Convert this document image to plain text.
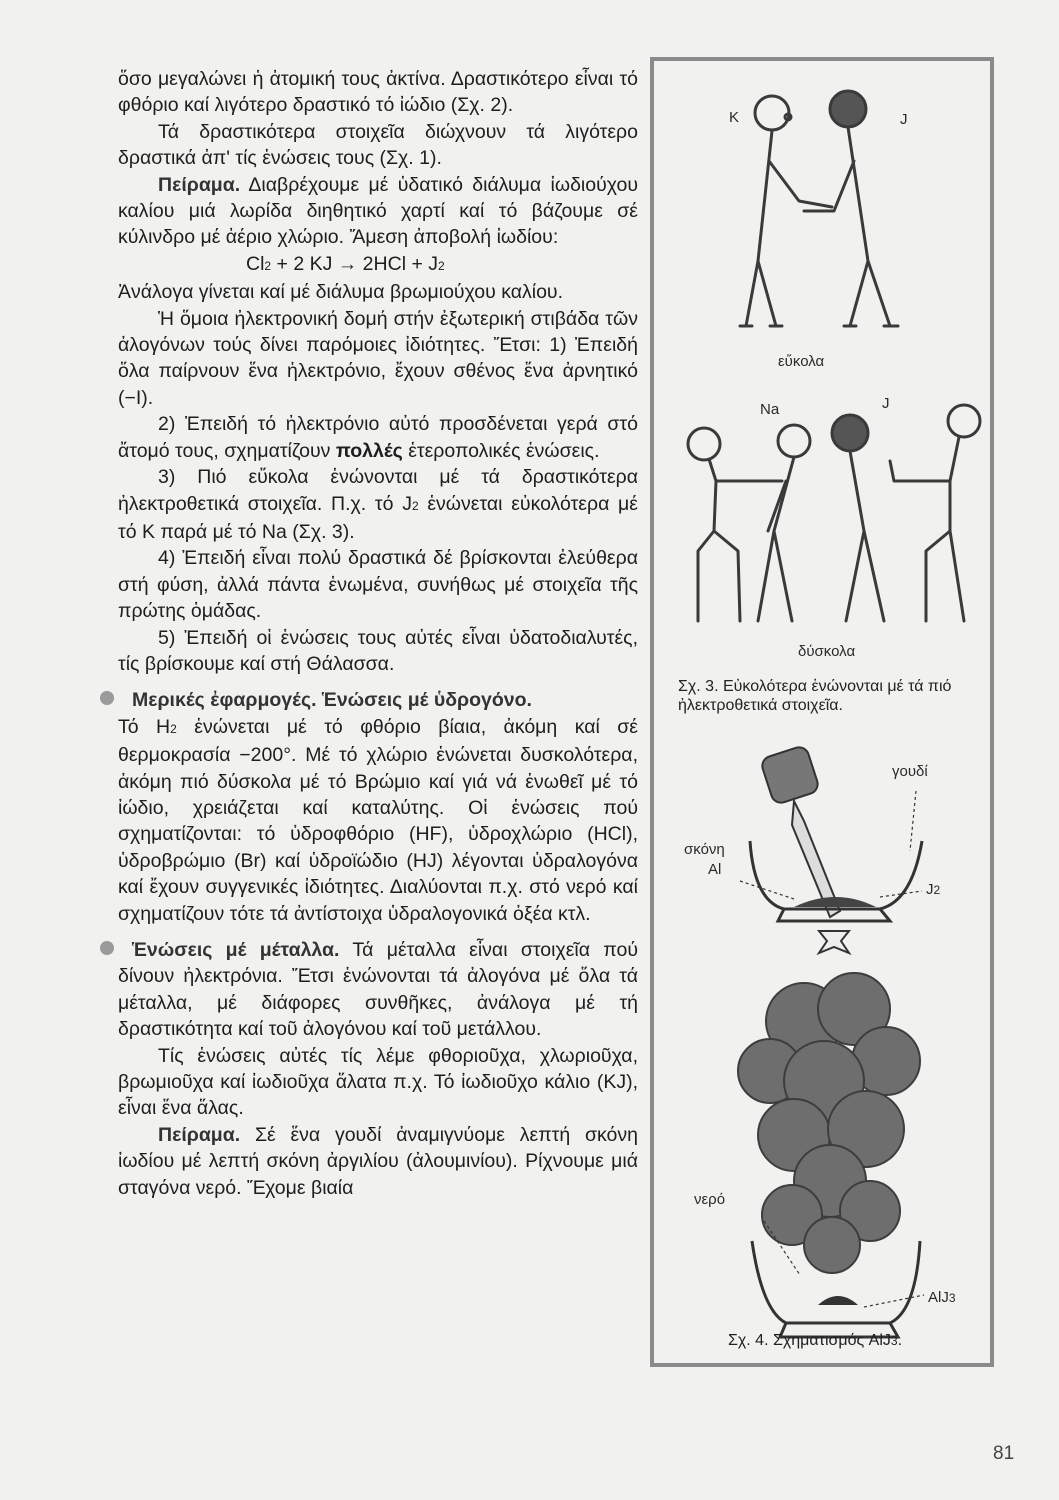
ὅσο μεγαλώνει ἡ ἀτομική τους ἀκτίνα. Δραστικότερο εἶναι τό φθόριο καί λιγότερο δραστικό τό ἰώδιο (Σχ. 2).

Τά δραστικότερα στοιχεῖα διώχνουν τά λιγότερο δραστικά ἀπ' τίς ἑνώσεις τους (Σχ. 1).

Πείραμα. Διαβρέχουμε μέ ὑδατικό διάλυμα ἰωδιούχου καλίου μιά λωρίδα διηθητικό χαρτί καί τό βάζουμε σέ κύλινδρο μέ ἀέριο χλώριο. Ἄμεση ἀποβολή ἰωδίου:

Cl2 + 2 KJ → 2HCl + J2

Ἀνάλογα γίνεται καί μέ διάλυμα βρωμιούχου καλίου.

Ἡ ὅμοια ἠλεκτρονική δομή στήν ἐξωτερική στιβάδα τῶν ἀλογόνων τούς δίνει παρόμοιες ἰδιότητες. Ἔτσι: 1) Ἐπειδή ὅλα παίρνουν ἕνα ἠλεκτρόνιο, ἔχουν σθένος ἕνα ἀρνητικό (−I).

2) Ἐπειδή τό ἠλεκτρόνιο αὐτό προσδένεται γερά στό ἄτομό τους, σχηματίζουν πολλές ἑτεροπολικές ἑνώσεις.

3) Πιό εὔκολα ἑνώνονται μέ τά δραστικότερα ἠλεκτροθετικά στοιχεῖα. Π.χ. τό J2 ἑνώνεται εὐκολότερα μέ τό K παρά μέ τό Na (Σχ. 3).

4) Ἐπειδή εἶναι πολύ δραστικά δέ βρίσκονται ἐλεύθερα στή φύση, ἀλλά πάντα ἑνωμένα, συνήθως μέ στοιχεῖα τῆς πρώτης ὁμάδας.

5) Ἐπειδή οἱ ἑνώσεις τους αὐτές εἶναι ὑδατοδιαλυτές, τίς βρίσκουμε καί στή Θάλασσα.

Μερικές ἐφαρμογές. Ἑνώσεις μέ ὑδρογόνο.

Τό H2 ἑνώνεται μέ τό φθόριο βίαια, ἀκόμη καί σέ θερμοκρασία −200°. Μέ τό χλώριο ἑνώνεται δυσκολότερα, ἀκόμη πιό δύσκολα μέ τό Βρώμιο καί γιά νά ἑνωθεῖ μέ τό ἰώδιο, χρειάζεται καί καταλύτης. Οἱ ἑνώσεις πού σχηματίζονται: τό ὑδροφθόριο (HF), ὑδροχλώριο (HCl), ὑδροβρώμιο (Br) καί ὑδροϊώδιο (HJ) λέγονται ὑδραλογόνα καί ἔχουν συγγενικές ἰδιότητες. Διαλύονται π.χ. στό νερό καί σχηματίζουν τότε τά ἀντίστοιχα ὑδραλογονικά ὀξέα κτλ.

Ἑνώσεις μέ μέταλλα. Τά μέταλλα εἶναι στοιχεῖα πού δίνουν ἠλεκτρόνια. Ἔτσι ἑνώνονται τά ἀλογόνα μέ ὅλα τά μέταλλα, μέ διάφορες συνθῆκες, ἀνάλογα μέ τή δραστικότητα καί τοῦ ἀλογόνου καί τοῦ μετάλλου.

Τίς ἑνώσεις αὐτές τίς λέμε φθοριοῦχα, χλωριοῦχα, βρωμιοῦχα καί ἰωδιοῦχα ἅλατα π.χ. Τό ἰωδιοῦχο κάλιο (KJ), εἶναι ἕνα ἅλας.

Πείραμα. Σέ ἕνα γουδί ἀναμιγνύομε λεπτή σκόνη ἰωδίου μέ λεπτή σκόνη ἀργιλίου (ἀλουμινίου). Ρίχνουμε μιά σταγόνα νερό. Ἔχομε βιαία

K	J
εὔκολα
Na	J
δύσκολα
Σχ. 3. Εὐκολότερα ἑνώνονται μέ τά πιό ἠλεκτροθετικά στοιχεῖα.
γουδί
σκόνη
Al
J2
νερό
AlJ3
Σχ. 4. Σχηματισμός AlJ3.
81
